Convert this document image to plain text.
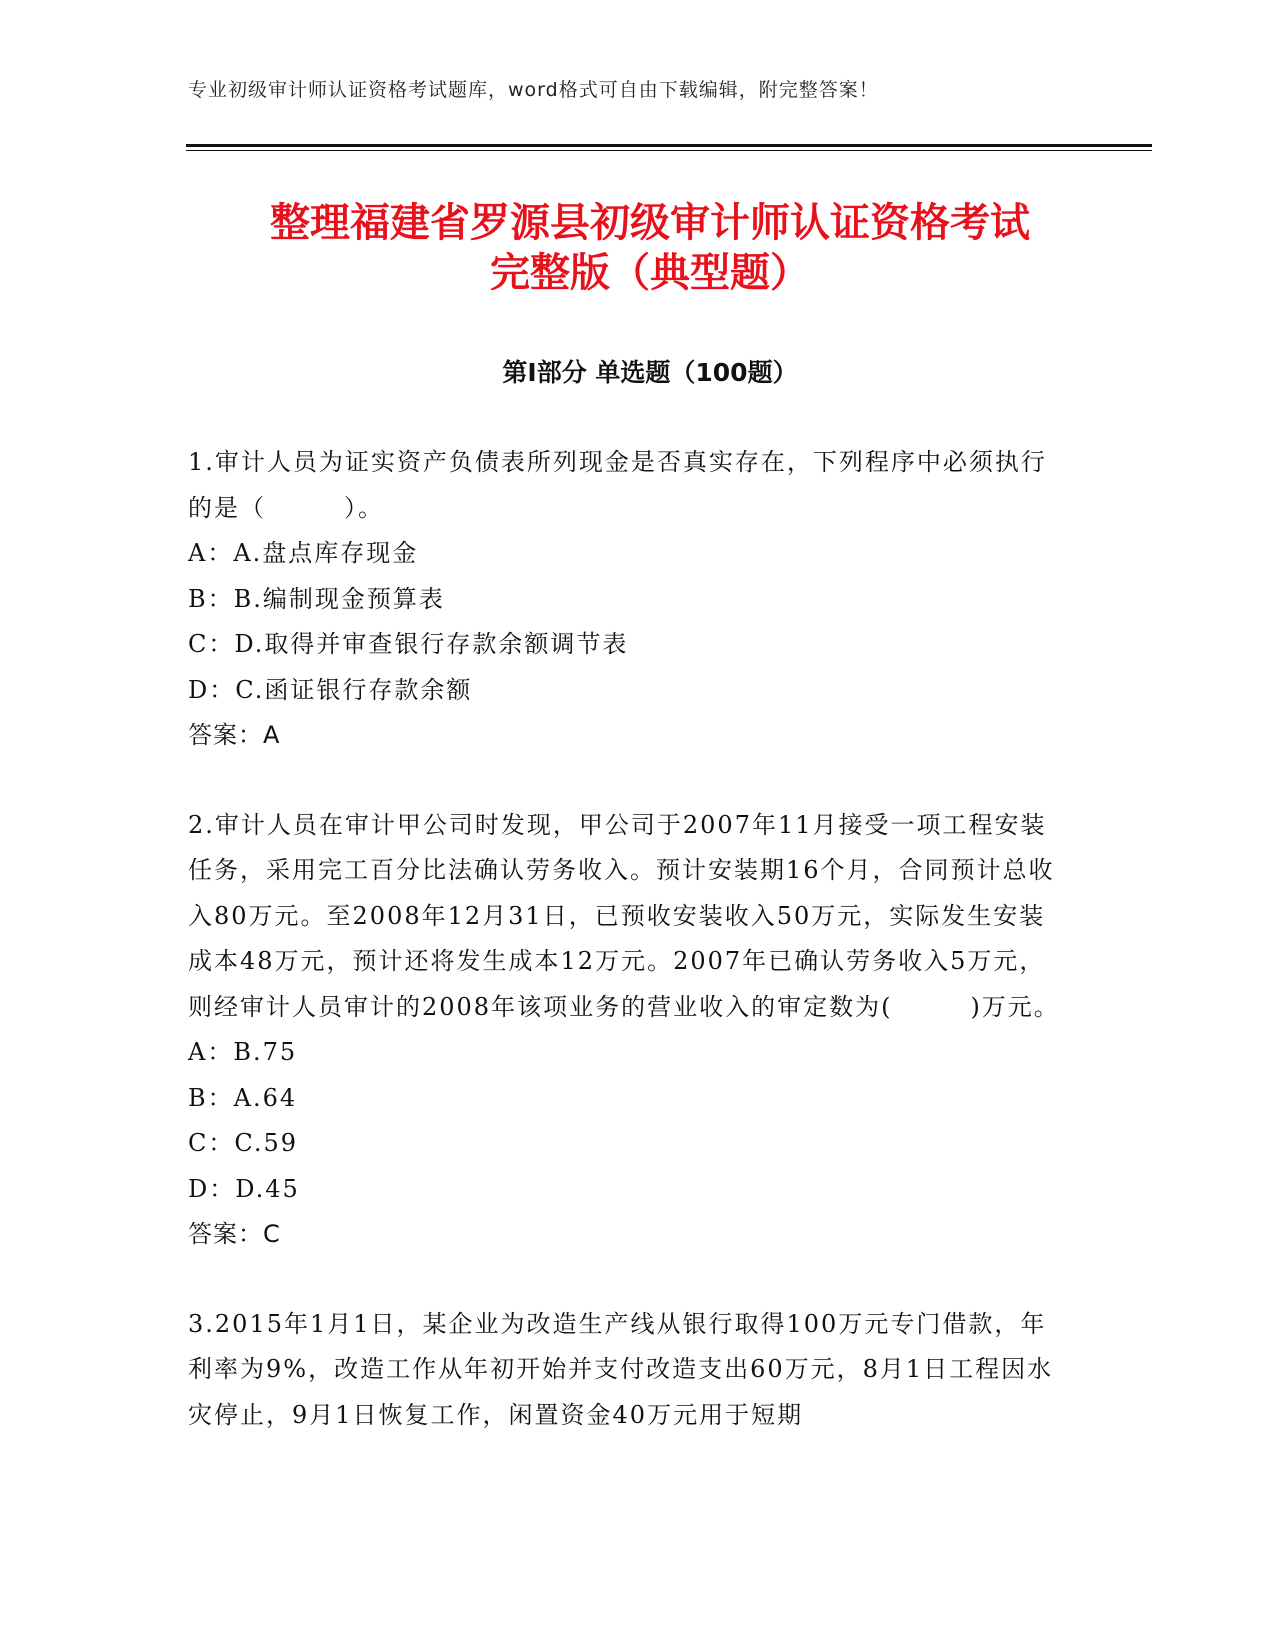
专业初级审计师认证资格考试题库，word格式可自由下载编辑，附完整答案！
整理福建省罗源县初级审计师认证资格考试
完整版（典型题）
第Ⅰ部分 单选题（100题）

1.审计人员为证实资产负债表所列现金是否真实存在，下列程序中必须执行的是（　　　）。

A：A.盘点库存现金

B：B.编制现金预算表

C：D.取得并审查银行存款余额调节表

D：C.函证银行存款余额

答案：A

2.审计人员在审计甲公司时发现，甲公司于2007年11月接受一项工程安装任务，采用完工百分比法确认劳务收入。预计安装期16个月，合同预计总收入80万元。至2008年12月31日，已预收安装收入50万元，实际发生安装成本48万元，预计还将发生成本12万元。2007年已确认劳务收入5万元，则经审计人员审计的2008年该项业务的营业收入的审定数为(　　　)万元。

A：B.75

B：A.64

C：C.59

D：D.45

答案：C

3.2015年1月1日，某企业为改造生产线从银行取得100万元专门借款，年利率为9%，改造工作从年初开始并支付改造支出60万元，8月1日工程因水灾停止，9月1日恢复工作，闲置资金40万元用于短期
